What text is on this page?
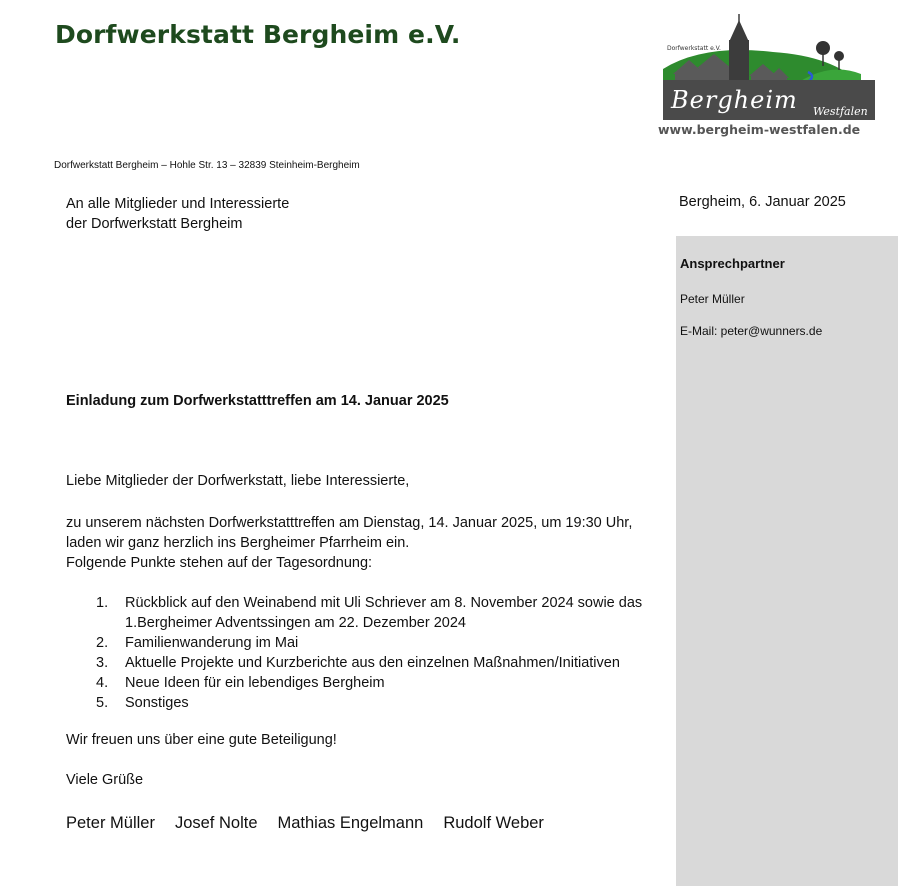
Dorfwerkstatt Bergheim e.V.	Dorfwerkstatt e.V.
Bergheim Westfalen
www.bergheim-westfalen.de
Dorfwerkstatt Bergheim – Hohle Str. 13 – 32839 Steinheim-Bergheim
An alle Mitglieder und Interessierte
der Dorfwerkstatt Bergheim
Bergheim, 6. Januar 2025
Ansprechpartner
Peter Müller
E-Mail: peter@wunners.de
Einladung zum Dorfwerkstatttreffen am 14. Januar 2025
Liebe Mitglieder der Dorfwerkstatt, liebe Interessierte,
zu unserem nächsten Dorfwerkstatttreffen am Dienstag, 14. Januar 2025, um 19:30 Uhr,
laden wir ganz herzlich ins Bergheimer Pfarrheim ein.
Folgende Punkte stehen auf der Tagesordnung:
1. Rückblick auf den Weinabend mit Uli Schriever am 8. November 2024 sowie das
1.Bergheimer Adventssingen am 22. Dezember 2024
2. Familienwanderung im Mai
3. Aktuelle Projekte und Kurzberichte aus den einzelnen Maßnahmen/Initiativen
4. Neue Ideen für ein lebendiges Bergheim
5. Sonstiges
Wir freuen uns über eine gute Beteiligung!
Viele Grüße
Peter Müller Josef Nolte Mathias Engelmann Rudolf Weber
